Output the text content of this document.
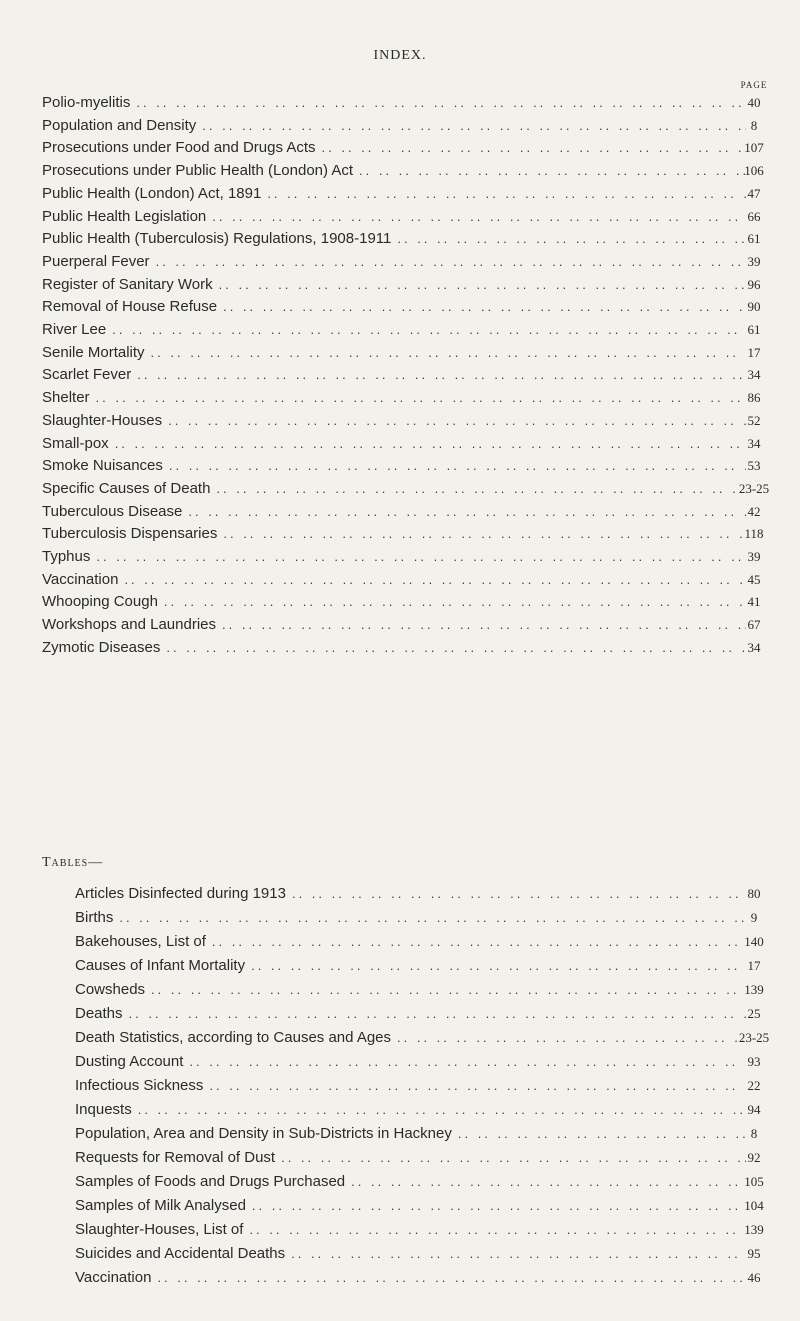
INDEX.
PAGE
Polio-myelitis .. ..	40
Population and Density .. ..	8
Prosecutions under Food and Drugs Acts .. ..	107
Prosecutions under Public Health (London) Act .. ..	106
Public Health (London) Act, 1891 .. ..	47
Public Health Legislation .. ..	66
Public Health (Tuberculosis) Regulations, 1908-1911 .. ..	61
Puerperal Fever .. ..	39
Register of Sanitary Work .. ..	96
Removal of House Refuse .. ..	90
River Lee .. ..	61
Senile Mortality .. ..	17
Scarlet Fever .. ..	34
Shelter .. ..	86
Slaughter-Houses .. ..	52
Small-pox .. ..	34
Smoke Nuisances .. ..	53
Specific Causes of Death .. ..	23-25
Tuberculous Disease .. ..	42
Tuberculosis Dispensaries .. ..	118
Typhus .. ..	39
Vaccination .. ..	45
Whooping Cough .. ..	41
Workshops and Laundries .. ..	67
Zymotic Diseases .. ..	34
Tables—
Articles Disinfected during 1913 .. ..	80
Births .. ..	9
Bakehouses, List of .. ..	140
Causes of Infant Mortality .. ..	17
Cowsheds .. ..	139
Deaths .. ..	25
Death Statistics, according to Causes and Ages .. ..	23-25
Dusting Account .. ..	93
Infectious Sickness .. ..	22
Inquests .. ..	94
Population, Area and Density in Sub-Districts in Hackney .. ..	8
Requests for Removal of Dust .. ..	92
Samples of Foods and Drugs Purchased .. ..	105
Samples of Milk Analysed .. ..	104
Slaughter-Houses, List of .. ..	139
Suicides and Accidental Deaths .. ..	95
Vaccination .. ..	46
